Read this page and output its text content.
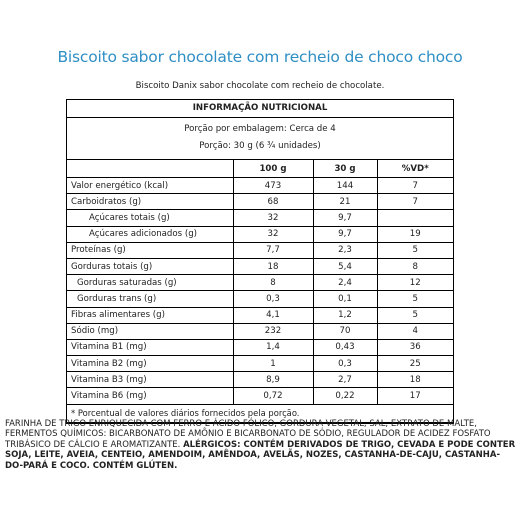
Biscoito sabor chocolate com recheio de choco choco
Biscoito Danix sabor chocolate com recheio de chocolate.
INFORMAÇÃO NUTRICIONAL
Porção por embalagem: Cerca de 4
Porção: 30 g (6 ¾ unidades)
	100 g	30 g	%VD*
Valor energético (kcal)	473	144	7
Carboidratos (g)	68	21	7
Açúcares totais (g)	32	9,7	
Açúcares adicionados (g)	32	9,7	19
Proteínas (g)	7,7	2,3	5
Gorduras totais (g)	18	5,4	8
Gorduras saturadas (g)	8	2,4	12
Gorduras trans (g)	0,3	0,1	5
Fibras alimentares (g)	4,1	1,2	5
Sódio (mg)	232	70	4
Vitamina B1 (mg)	1,4	0,43	36
Vitamina B2 (mg)	1	0,3	25
Vitamina B3 (mg)	8,9	2,7	18
Vitamina B6 (mg)	0,72	0,22	17
* Porcentual de valores diários fornecidos pela porção.			
FARINHA DE TRIGO ENRIQUECIDA COM FERRO E ÁCIDO FÓLICO, GORDURA VEGETAL, SAL, EXTRATO DE MALTE, FERMENTOS QUÍMICOS: BICARBONATO DE AMÔNIO E BICARBONATO DE SÓDIO, REGULADOR DE ACIDEZ FOSFATO TRIBÁSICO DE CÁLCIO E AROMATIZANTE. ALÉRGICOS: CONTÉM DERIVADOS DE TRIGO, CEVADA E PODE CONTER SOJA, LEITE, AVEIA, CENTEIO, AMENDOIM, AMÊNDOA, AVELÃS, NOZES, CASTANHA-DE-CAJU, CASTANHA-DO-PARÁ E COCO. CONTÉM GLÚTEN.
